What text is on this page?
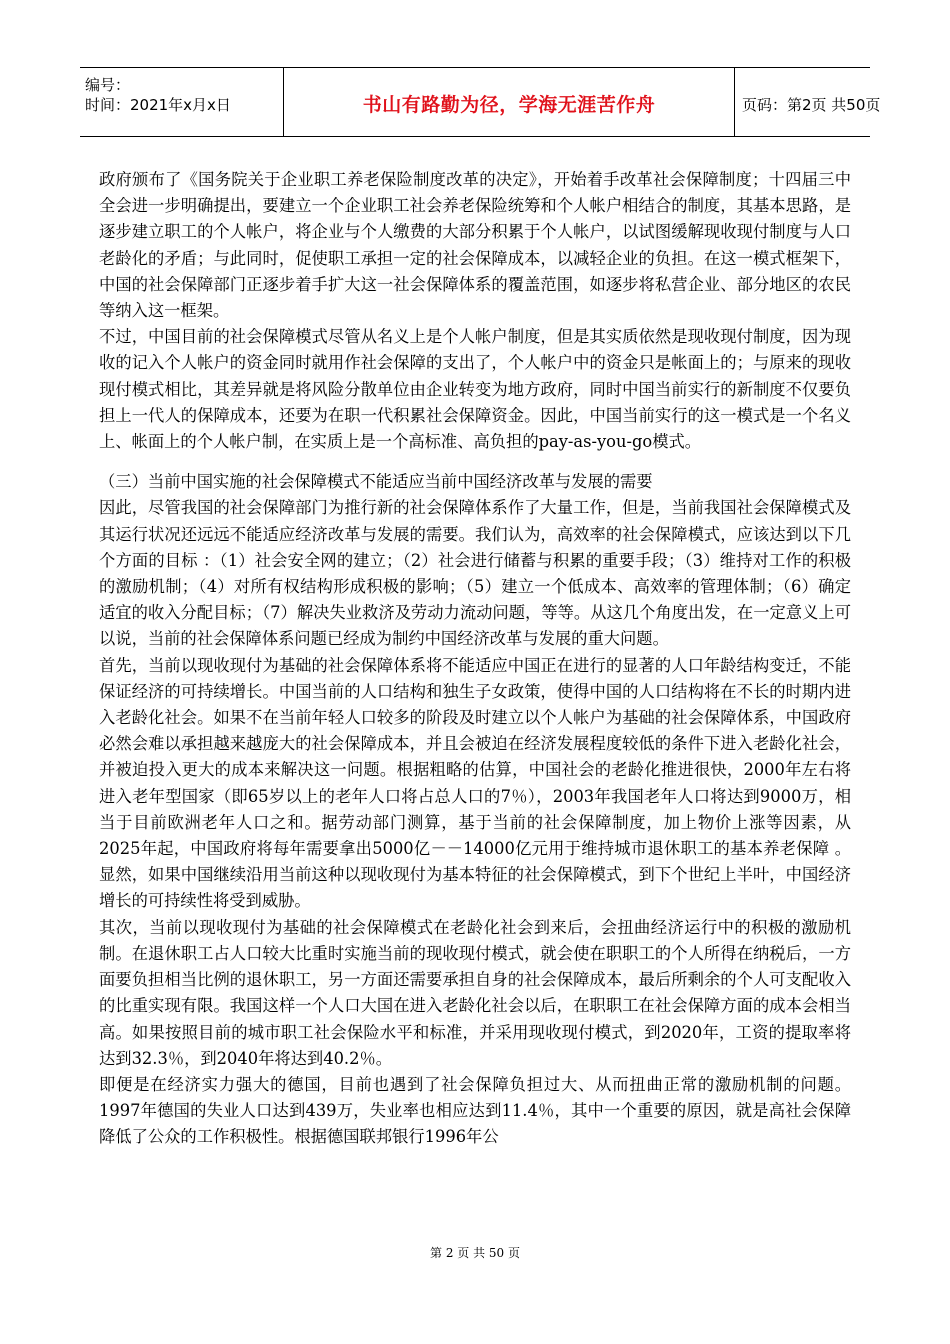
编号：
时间：2021年x月x日	书山有路勤为径，学海无涯苦作舟	页码：第2页 共50页

政府颁布了《国务院关于企业职工养老保险制度改革的决定》，开始着手改革社会保障制度；十四届三中全会进一步明确提出，要建立一个企业职工社会养老保险统筹和个人帐户相结合的制度，其基本思路，是逐步建立职工的个人帐户，将企业与个人缴费的大部分积累于个人帐户，以试图缓解现收现付制度与人口老龄化的矛盾；与此同时，促使职工承担一定的社会保障成本，以减轻企业的负担。在这一模式框架下，中国的社会保障部门正逐步着手扩大这一社会保障体系的覆盖范围，如逐步将私营企业、部分地区的农民等纳入这一框架。

不过，中国目前的社会保障模式尽管从名义上是个人帐户制度，但是其实质依然是现收现付制度，因为现收的记入个人帐户的资金同时就用作社会保障的支出了，个人帐户中的资金只是帐面上的；与原来的现收现付模式相比，其差异就是将风险分散单位由企业转变为地方政府，同时中国当前实行的新制度不仅要负担上一代人的保障成本，还要为在职一代积累社会保障资金。因此，中国当前实行的这一模式是一个名义上、帐面上的个人帐户制，在实质上是一个高标准、高负担的pay-as-you-go模式。

（三）当前中国实施的社会保障模式不能适应当前中国经济改革与发展的需要

因此，尽管我国的社会保障部门为推行新的社会保障体系作了大量工作，但是，当前我国社会保障模式及其运行状况还远远不能适应经济改革与发展的需要。我们认为，高效率的社会保障模式，应该达到以下几个方面的目标 ：（1）社会安全网的建立；（2）社会进行储蓄与积累的重要手段；（3）维持对工作的积极的激励机制；（4）对所有权结构形成积极的影响；（5）建立一个低成本、高效率的管理体制；（6）确定适宜的收入分配目标；（7）解决失业救济及劳动力流动问题，等等。从这几个角度出发，在一定意义上可以说，当前的社会保障体系问题已经成为制约中国经济改革与发展的重大问题。

首先，当前以现收现付为基础的社会保障体系将不能适应中国正在进行的显著的人口年龄结构变迁，不能保证经济的可持续增长。中国当前的人口结构和独生子女政策，使得中国的人口结构将在不长的时期内进入老龄化社会。如果不在当前年轻人口较多的阶段及时建立以个人帐户为基础的社会保障体系，中国政府必然会难以承担越来越庞大的社会保障成本，并且会被迫在经济发展程度较低的条件下进入老龄化社会，并被迫投入更大的成本来解决这一问题。根据粗略的估算，中国社会的老龄化推进很快，2000年左右将进入老年型国家（即65岁以上的老年人口将占总人口的7％），2003年我国老年人口将达到9000万，相当于目前欧洲老年人口之和。据劳动部门测算，基于当前的社会保障制度，加上物价上涨等因素，从2025年起，中国政府将每年需要拿出5000亿－－14000亿元用于维持城市退休职工的基本养老保障 。显然，如果中国继续沿用当前这种以现收现付为基本特征的社会保障模式，到下个世纪上半叶，中国经济增长的可持续性将受到威胁。

其次，当前以现收现付为基础的社会保障模式在老龄化社会到来后，会扭曲经济运行中的积极的激励机制。在退休职工占人口较大比重时实施当前的现收现付模式，就会使在职职工的个人所得在纳税后，一方面要负担相当比例的退休职工，另一方面还需要承担自身的社会保障成本，最后所剩余的个人可支配收入的比重实现有限。我国这样一个人口大国在进入老龄化社会以后，在职职工在社会保障方面的成本会相当高。如果按照目前的城市职工社会保险水平和标准，并采用现收现付模式，到2020年，工资的提取率将达到32.3％，到2040年将达到40.2％。

即便是在经济实力强大的德国，目前也遇到了社会保障负担过大、从而扭曲正常的激励机制的问题。1997年德国的失业人口达到439万，失业率也相应达到11.4％，其中一个重要的原因，就是高社会保障降低了公众的工作积极性。根据德国联邦银行1996年公

第 2 页 共 50 页
